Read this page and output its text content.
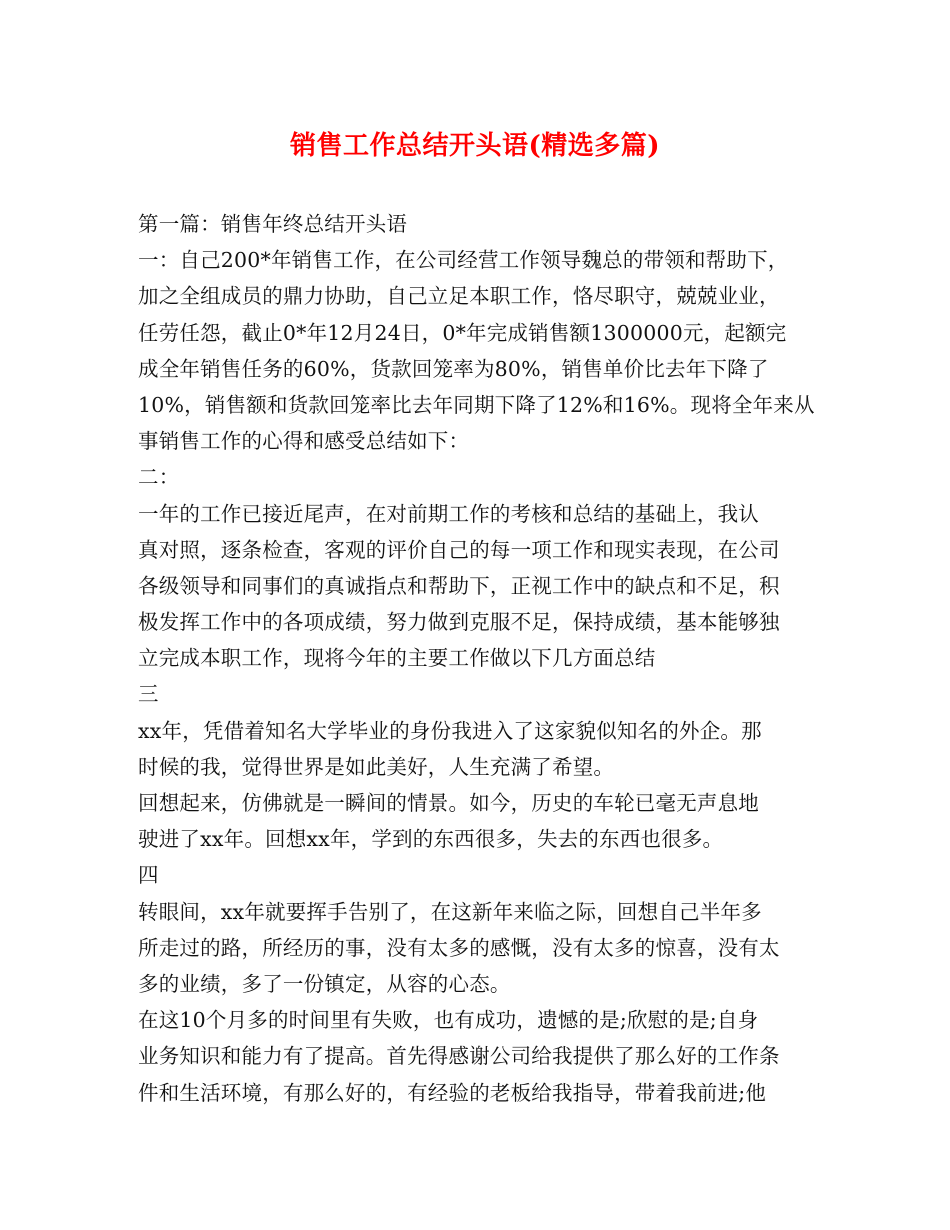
销售工作总结开头语(精选多篇)
第一篇：销售年终总结开头语
一：自己200*年销售工作，在公司经营工作领导魏总的带领和帮助下，
加之全组成员的鼎力协助，自己立足本职工作，恪尽职守，兢兢业业，
任劳任怨，截止0*年12月24日，0*年完成销售额1300000元，起额完
成全年销售任务的60%，货款回笼率为80%，销售单价比去年下降了
10%，销售额和货款回笼率比去年同期下降了12%和16%。现将全年来从
事销售工作的心得和感受总结如下：
二：
一年的工作已接近尾声，在对前期工作的考核和总结的基础上，我认
真对照，逐条检查，客观的评价自己的每一项工作和现实表现，在公司
各级领导和同事们的真诚指点和帮助下，正视工作中的缺点和不足，积
极发挥工作中的各项成绩，努力做到克服不足，保持成绩，基本能够独
立完成本职工作，现将今年的主要工作做以下几方面总结
三
xx年，凭借着知名大学毕业的身份我进入了这家貌似知名的外企。那
时候的我，觉得世界是如此美好，人生充满了希望。
回想起来，仿佛就是一瞬间的情景。如今，历史的车轮已毫无声息地
驶进了xx年。回想xx年，学到的东西很多，失去的东西也很多。
四
转眼间，xx年就要挥手告别了，在这新年来临之际，回想自己半年多
所走过的路，所经历的事，没有太多的感慨，没有太多的惊喜，没有太
多的业绩，多了一份镇定，从容的心态。
在这10个月多的时间里有失败，也有成功，遗憾的是;欣慰的是;自身
业务知识和能力有了提高。首先得感谢公司给我提供了那么好的工作条
件和生活环境，有那么好的，有经验的老板给我指导，带着我前进;他
